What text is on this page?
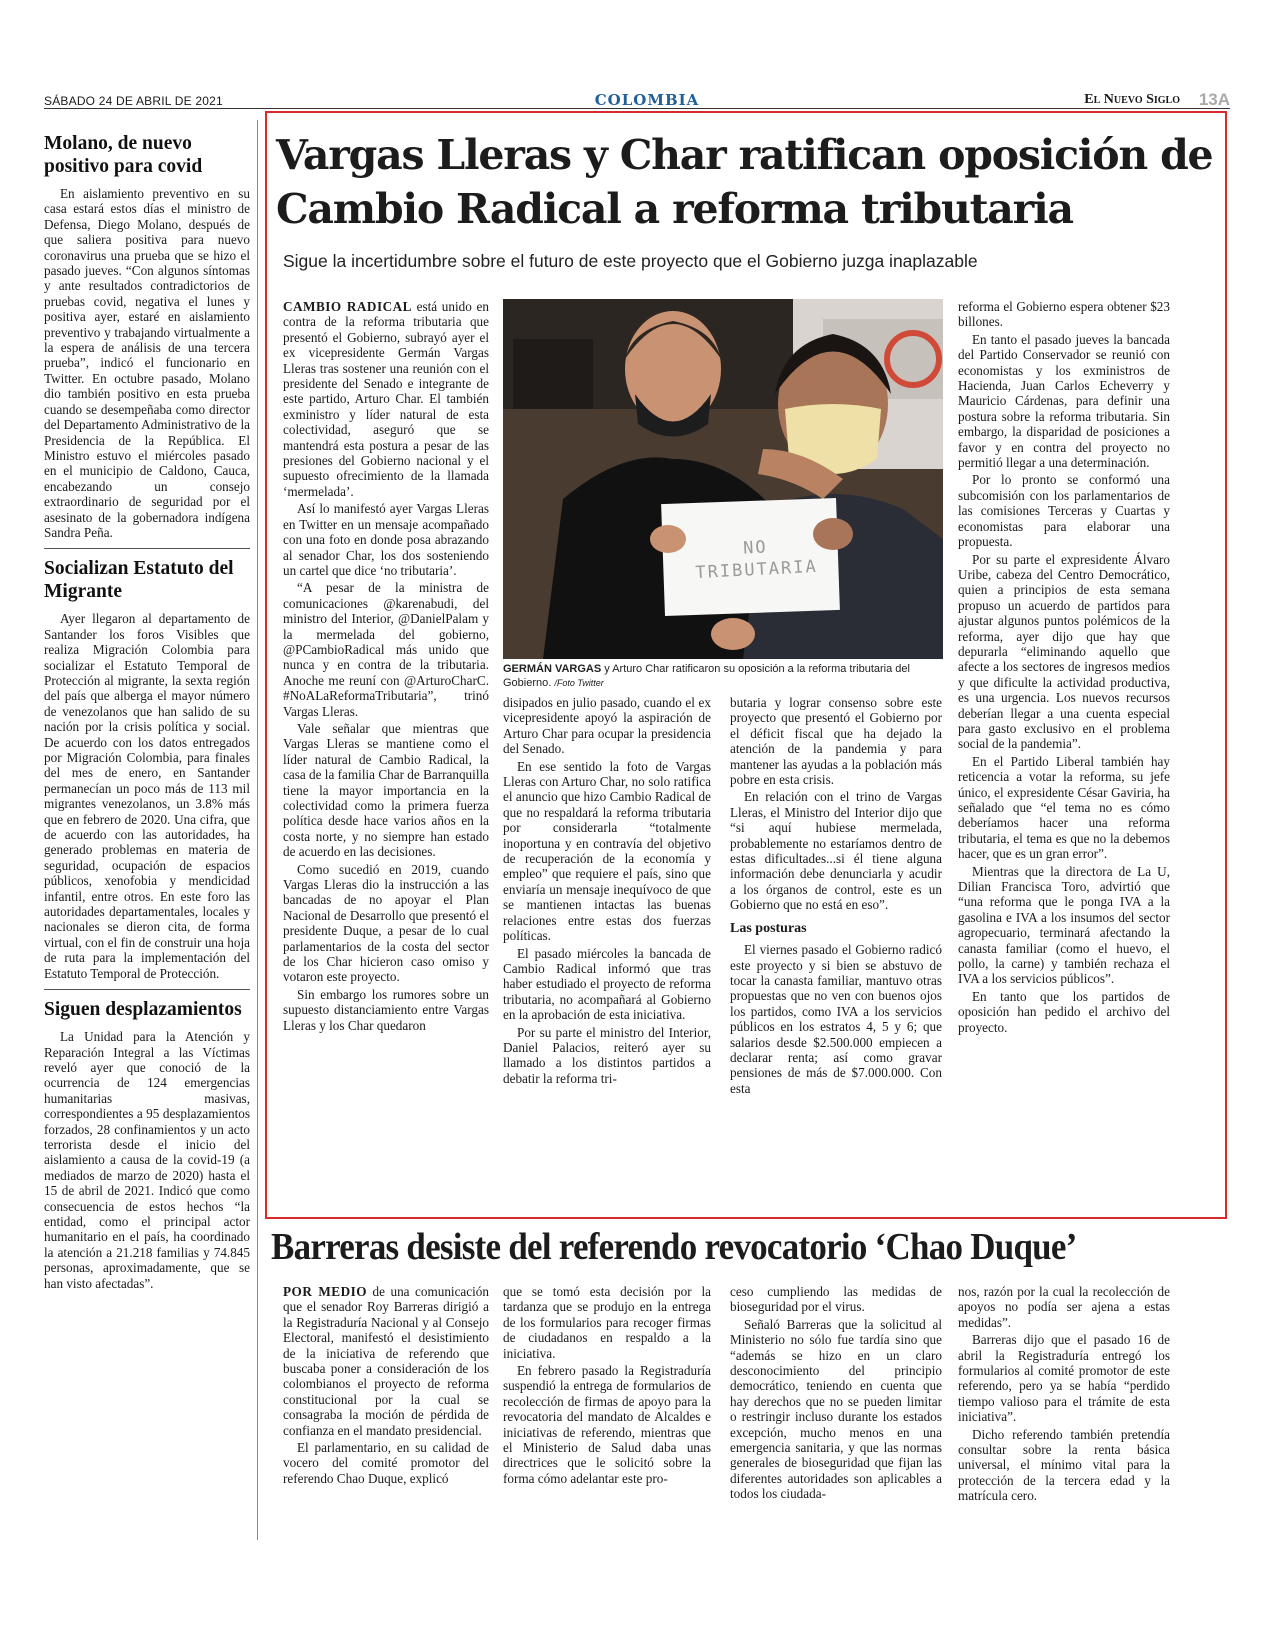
SÁBADO 24 DE ABRIL DE 2021	COLOMBIA	El Nuevo Siglo 13A
Molano, de nuevo positivo para covid

En aislamiento preventivo en su casa estará estos días el ministro de Defensa, Diego Molano, después de que saliera positiva para nuevo coronavirus una prueba que se hizo el pasado jueves. “Con algunos síntomas y ante resultados contradictorios de pruebas covid, negativa el lunes y positiva ayer, estaré en aislamiento preventivo y trabajando virtualmente a la espera de análisis de una tercera prueba”, indicó el funcionario en Twitter. En octubre pasado, Molano dio también positivo en esta prueba cuando se desempeñaba como director del Departamento Administrativo de la Presidencia de la República. El Ministro estuvo el miércoles pasado en el municipio de Caldono, Cauca, encabezando un consejo extraordinario de seguridad por el asesinato de la gobernadora indígena Sandra Peña.

Socializan Estatuto del Migrante

Ayer llegaron al departamento de Santander los foros Visibles que realiza Migración Colombia para socializar el Estatuto Temporal de Protección al migrante, la sexta región del país que alberga el mayor número de venezolanos que han salido de su nación por la crisis política y social. De acuerdo con los datos entregados por Migración Colombia, para finales del mes de enero, en Santander permanecían un poco más de 113 mil migrantes venezolanos, un 3.8% más que en febrero de 2020. Una cifra, que de acuerdo con las autoridades, ha generado problemas en materia de seguridad, ocupación de espacios públicos, xenofobia y mendicidad infantil, entre otros. En este foro las autoridades departamentales, locales y nacionales se dieron cita, de forma virtual, con el fin de construir una hoja de ruta para la implementación del Estatuto Temporal de Protección.

Siguen desplazamientos

La Unidad para la Atención y Reparación Integral a las Víctimas reveló ayer que conoció de la ocurrencia de 124 emergencias humanitarias masivas, correspondientes a 95 desplazamientos forzados, 28 confinamientos y un acto terrorista desde el inicio del aislamiento a causa de la covid-19 (a mediados de marzo de 2020) hasta el 15 de abril de 2021. Indicó que como consecuencia de estos hechos “la entidad, como el principal actor humanitario en el país, ha coordinado la atención a 21.218 familias y 74.845 personas, aproximadamente, que se han visto afectadas”.

Vargas Lleras y Char ratifican oposición de Cambio Radical a reforma tributaria

Sigue la incertidumbre sobre el futuro de este proyecto que el Gobierno juzga inaplazable

CAMBIO RADICAL está unido en contra de la reforma tributaria que presentó el Gobierno, subrayó ayer el ex vicepresidente Germán Vargas Lleras tras sostener una reunión con el presidente del Senado e integrante de este partido, Arturo Char. El también exministro y líder natural de esta colectividad, aseguró que se mantendrá esta postura a pesar de las presiones del Gobierno nacional y el supuesto ofrecimiento de la llamada ‘mermelada’.

Así lo manifestó ayer Vargas Lleras en Twitter en un mensaje acompañado con una foto en donde posa abrazando al senador Char, los dos sosteniendo un cartel que dice ‘no tributaria’.

“A pesar de la ministra de comunicaciones @karenabudi, del ministro del Interior, @DanielPalam y la mermelada del gobierno, @PCambioRadical más unido que nunca y en contra de la tributaria. Anoche me reuní con @ArturoCharC. #NoALaReformaTributaria”, trinó Vargas Lleras.

Vale señalar que mientras que Vargas Lleras se mantiene como el líder natural de Cambio Radical, la casa de la familia Char de Barranquilla tiene la mayor importancia en la colectividad como la primera fuerza política desde hace varios años en la costa norte, y no siempre han estado de acuerdo en las decisiones.

Como sucedió en 2019, cuando Vargas Lleras dio la instrucción a las bancadas de no apoyar el Plan Nacional de Desarrollo que presentó el presidente Duque, a pesar de lo cual parlamentarios de la costa del sector de los Char hicieron caso omiso y votaron este proyecto.

Sin embargo los rumores sobre un supuesto distanciamiento entre Vargas Lleras y los Char quedaron

NO TRIBUTARIA
GERMÁN VARGAS y Arturo Char ratificaron su oposición a la reforma tributaria del Gobierno. /Foto Twitter

disipados en julio pasado, cuando el ex vicepresidente apoyó la aspiración de Arturo Char para ocupar la presidencia del Senado.

En ese sentido la foto de Vargas Lleras con Arturo Char, no solo ratifica el anuncio que hizo Cambio Radical de que no respaldará la reforma tributaria por considerarla “totalmente inoportuna y en contravía del objetivo de recuperación de la economía y empleo” que requiere el país, sino que enviaría un mensaje inequívoco de que se mantienen intactas las buenas relaciones entre estas dos fuerzas políticas.

El pasado miércoles la bancada de Cambio Radical informó que tras haber estudiado el proyecto de reforma tributaria, no acompañará al Gobierno en la aprobación de esta iniciativa.

Por su parte el ministro del Interior, Daniel Palacios, reiteró ayer su llamado a los distintos partidos a debatir la reforma tri-

butaria y lograr consenso sobre este proyecto que presentó el Gobierno por el déficit fiscal que ha dejado la atención de la pandemia y para mantener las ayudas a la población más pobre en esta crisis.

En relación con el trino de Vargas Lleras, el Ministro del Interior dijo que “si aquí hubiese mermelada, probablemente no estaríamos dentro de estas dificultades...si él tiene alguna información debe denunciarla y acudir a los órganos de control, este es un Gobierno que no está en eso”.

Las posturas

El viernes pasado el Gobierno radicó este proyecto y si bien se abstuvo de tocar la canasta familiar, mantuvo otras propuestas que no ven con buenos ojos los partidos, como IVA a los servicios públicos en los estratos 4, 5 y 6; que salarios desde $2.500.000 empiecen a declarar renta; así como gravar pensiones de más de $7.000.000. Con esta

reforma el Gobierno espera obtener $23 billones.

En tanto el pasado jueves la bancada del Partido Conservador se reunió con economistas y los exministros de Hacienda, Juan Carlos Echeverry y Mauricio Cárdenas, para definir una postura sobre la reforma tributaria. Sin embargo, la disparidad de posiciones a favor y en contra del proyecto no permitió llegar a una determinación.

Por lo pronto se conformó una subcomisión con los parlamentarios de las comisiones Terceras y Cuartas y economistas para elaborar una propuesta.

Por su parte el expresidente Álvaro Uribe, cabeza del Centro Democrático, quien a principios de esta semana propuso un acuerdo de partidos para ajustar algunos puntos polémicos de la reforma, ayer dijo que hay que depurarla “eliminando aquello que afecte a los sectores de ingresos medios y que dificulte la actividad productiva, es una urgencia. Los nuevos recursos deberían llegar a una cuenta especial para gasto exclusivo en el problema social de la pandemia”.

En el Partido Liberal también hay reticencia a votar la reforma, su jefe único, el expresidente César Gaviria, ha señalado que “el tema no es cómo deberíamos hacer una reforma tributaria, el tema es que no la debemos hacer, que es un gran error”.

Mientras que la directora de La U, Dilian Francisca Toro, advirtió que “una reforma que le ponga IVA a la gasolina e IVA a los insumos del sector agropecuario, terminará afectando la canasta familiar (como el huevo, el pollo, la carne) y también rechaza el IVA a los servicios públicos”.

En tanto que los partidos de oposición han pedido el archivo del proyecto.

Barreras desiste del referendo revocatorio ‘Chao Duque’

POR MEDIO de una comunicación que el senador Roy Barreras dirigió a la Registraduría Nacional y al Consejo Electoral, manifestó el desistimiento de la iniciativa de referendo que buscaba poner a consideración de los colombianos el proyecto de reforma constitucional por la cual se consagraba la moción de pérdida de confianza en el mandato presidencial.

El parlamentario, en su calidad de vocero del comité promotor del referendo Chao Duque, explicó

que se tomó esta decisión por la tardanza que se produjo en la entrega de los formularios para recoger firmas de ciudadanos en respaldo a la iniciativa.

En febrero pasado la Registraduría suspendió la entrega de formularios de recolección de firmas de apoyo para la revocatoria del mandato de Alcaldes e iniciativas de referendo, mientras que el Ministerio de Salud daba unas directrices que le solicitó sobre la forma cómo adelantar este pro-

ceso cumpliendo las medidas de bioseguridad por el virus.

Señaló Barreras que la solicitud al Ministerio no sólo fue tardía sino que “además se hizo en un claro desconocimiento del principio democrático, teniendo en cuenta que hay derechos que no se pueden limitar o restringir incluso durante los estados excepción, mucho menos en una emergencia sanitaria, y que las normas generales de bioseguridad que fijan las diferentes autoridades son aplicables a todos los ciudada-

nos, razón por la cual la recolección de apoyos no podía ser ajena a estas medidas”.

Barreras dijo que el pasado 16 de abril la Registraduría entregó los formularios al comité promotor de este referendo, pero ya se había “perdido tiempo valioso para el trámite de esta iniciativa”.

Dicho referendo también pretendía consultar sobre la renta básica universal, el mínimo vital para la protección de la tercera edad y la matrícula cero.
